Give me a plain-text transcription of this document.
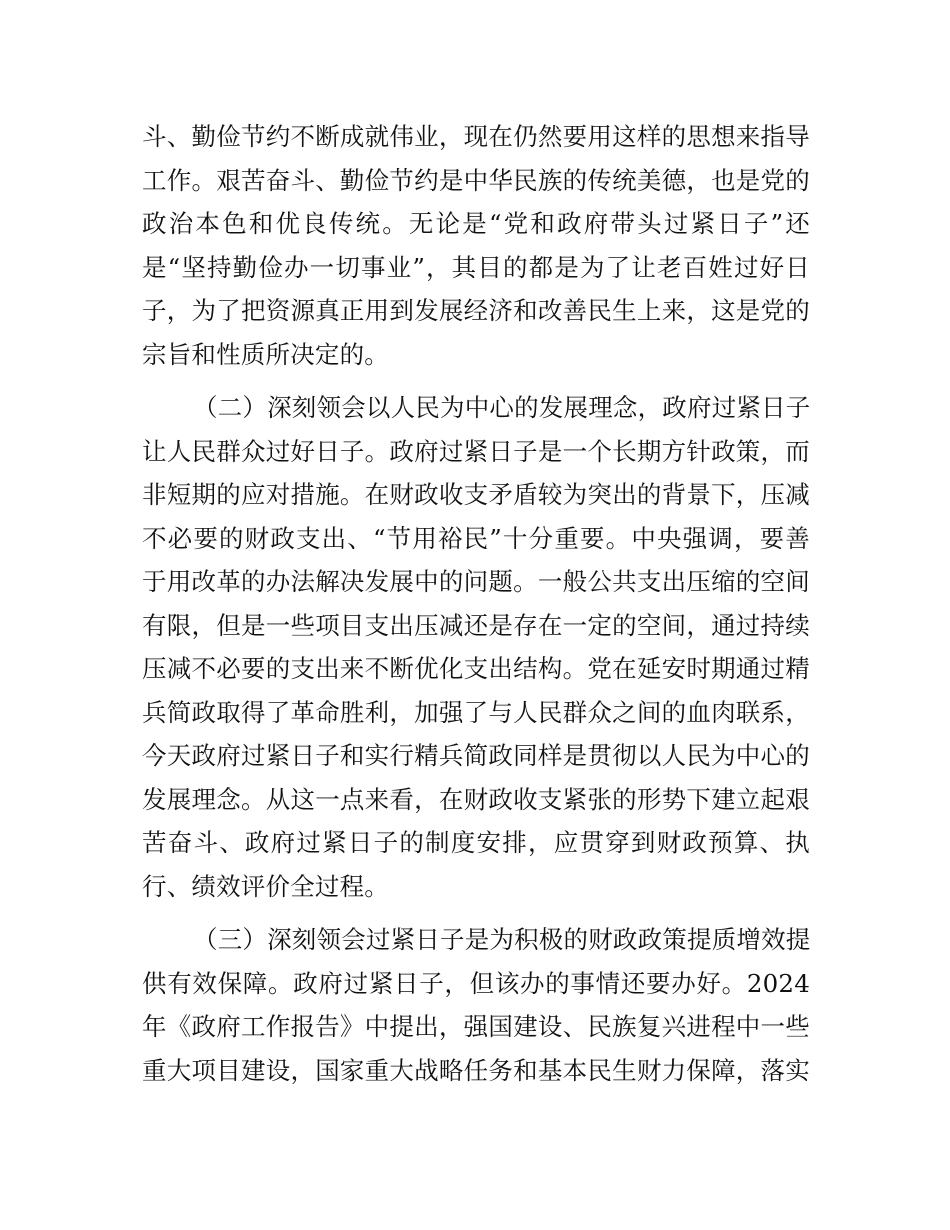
斗、勤俭节约不断成就伟业，现在仍然要用这样的思想来指导
工作。艰苦奋斗、勤俭节约是中华民族的传统美德，也是党的
政治本色和优良传统。无论是“党和政府带头过紧日子”还
是“坚持勤俭办一切事业”，其目的都是为了让老百姓过好日
子，为了把资源真正用到发展经济和改善民生上来，这是党的
宗旨和性质所决定的。
（二）深刻领会以人民为中心的发展理念，政府过紧日子
让人民群众过好日子。政府过紧日子是一个长期方针政策，而
非短期的应对措施。在财政收支矛盾较为突出的背景下，压减
不必要的财政支出、“节用裕民”十分重要。中央强调，要善
于用改革的办法解决发展中的问题。一般公共支出压缩的空间
有限，但是一些项目支出压减还是存在一定的空间，通过持续
压减不必要的支出来不断优化支出结构。党在延安时期通过精
兵简政取得了革命胜利，加强了与人民群众之间的血肉联系，
今天政府过紧日子和实行精兵简政同样是贯彻以人民为中心的
发展理念。从这一点来看，在财政收支紧张的形势下建立起艰
苦奋斗、政府过紧日子的制度安排，应贯穿到财政预算、执
行、绩效评价全过程。
（三）深刻领会过紧日子是为积极的财政政策提质增效提
供有效保障。政府过紧日子，但该办的事情还要办好。2024
年《政府工作报告》中提出，强国建设、民族复兴进程中一些
重大项目建设，国家重大战略任务和基本民生财力保障，落实
